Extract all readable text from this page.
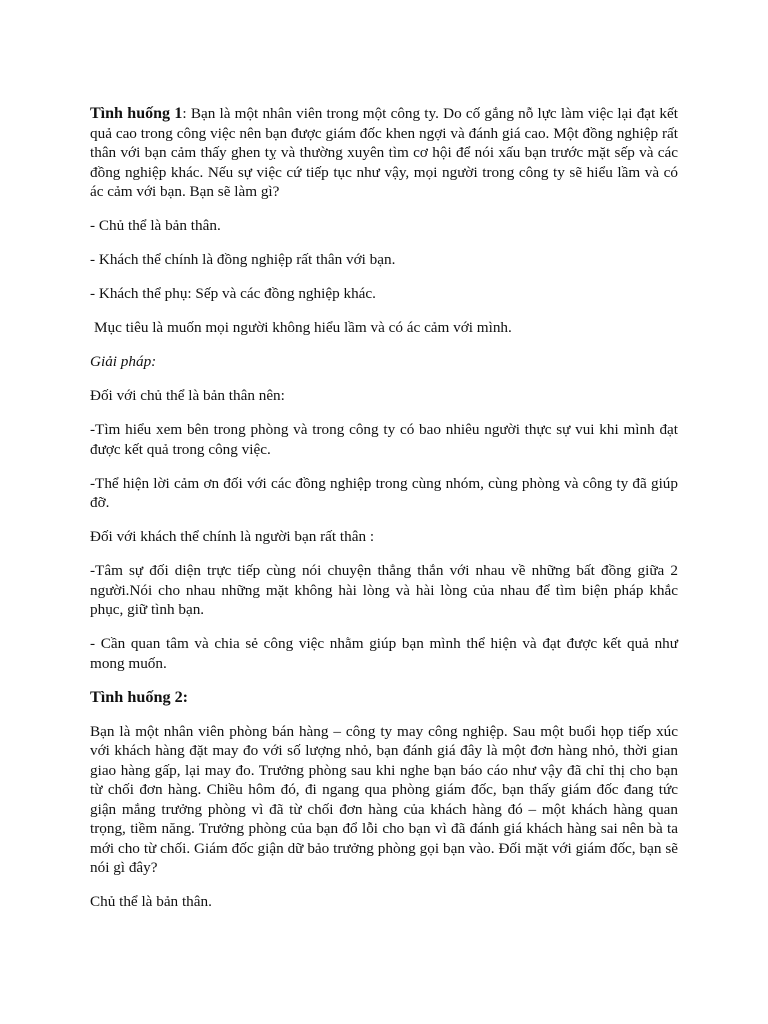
Tình huống 1: Bạn là một nhân viên trong một công ty. Do cố gắng nỗ lực làm việc lại đạt kết quả cao trong công việc nên bạn được giám đốc khen ngợi và đánh giá cao. Một đồng nghiệp rất thân với bạn cảm thấy ghen tỵ và thường xuyên tìm cơ hội để nói xấu bạn trước mặt sếp và các đồng nghiệp khác. Nếu sự việc cứ tiếp tục như vậy, mọi người trong công ty sẽ hiểu lầm và có ác cảm với bạn. Bạn sẽ làm gì?

- Chủ thể là bản thân.

- Khách thể chính là đồng nghiệp rất thân với bạn.

- Khách thể phụ: Sếp và các đồng nghiệp khác.

Mục tiêu là muốn mọi người không hiểu lầm và có ác cảm với mình.

Giải pháp:

Đối với chủ thể là bản thân nên:

-Tìm hiểu xem bên trong phòng và trong công ty có bao nhiêu người thực sự vui khi mình đạt được kết quả trong công việc.

-Thể hiện lời cảm ơn đối với các đồng nghiệp trong cùng nhóm, cùng phòng và công ty đã giúp đỡ.

Đối với khách thể chính là người bạn rất thân :

-Tâm sự đối diện trực tiếp cùng nói chuyện thẳng thắn với nhau về những bất đồng giữa 2 người.Nói cho nhau những mặt không hài lòng và hài lòng của nhau để tìm biện pháp khắc phục, giữ tình bạn.

- Cần quan tâm và chia sẻ công việc nhằm giúp bạn mình thể hiện và đạt được kết quả như mong muốn.

Tình huống 2:

Bạn là một nhân viên phòng bán hàng – công ty may công nghiệp. Sau một buổi họp tiếp xúc với khách hàng đặt may đo với số lượng nhỏ, bạn đánh giá đây là một đơn hàng nhỏ, thời gian giao hàng gấp, lại may đo. Trưởng phòng sau khi nghe bạn báo cáo như vậy đã chỉ thị cho bạn từ chối đơn hàng. Chiều hôm đó, đi ngang qua phòng giám đốc, bạn thấy giám đốc đang tức giận mắng trưởng phòng vì đã từ chối đơn hàng của khách hàng đó – một khách hàng quan trọng, tiềm năng. Trưởng phòng của bạn đổ lỗi cho bạn vì đã đánh giá khách hàng sai nên bà ta mới cho từ chối. Giám đốc giận dữ bảo trưởng phòng gọi bạn vào. Đối mặt với giám đốc, bạn sẽ nói gì đây?

Chủ thể là bản thân.
